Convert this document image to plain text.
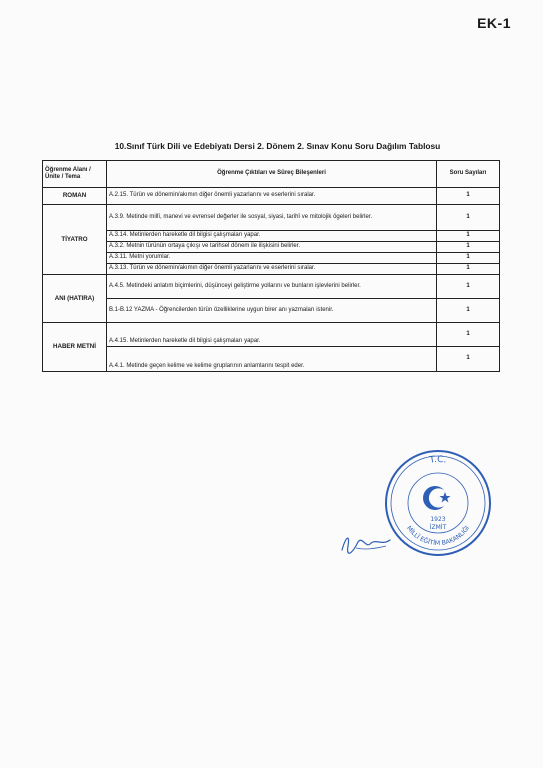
EK-1
10.Sınıf Türk Dili ve Edebiyatı Dersi 2. Dönem 2. Sınav Konu Soru Dağılım Tablosu
Öğrenme Alanı / Ünite / Tema	Öğrenme Çıktıları ve Süreç Bileşenleri	Soru Sayıları
ROMAN	A.2.15. Türün ve dönemin/akımın diğer önemli yazarlarını ve eserlerini sıralar.	1
TİYATRO	A.3.9. Metinde millî, manevi ve evrensel değerler ile sosyal, siyasi, tarihî ve mitolojik ögeleri belirler.	1
	A.3.14. Metinlerden hareketle dil bilgisi çalışmaları yapar.	1
	A.3.2. Metnin türünün ortaya çıkışı ve tarihsel dönem ile ilişkisini belirler.	1
	A.3.11. Metni yorumlar.	1
	A.3.13. Türün ve dönemin/akımın diğer önemli yazarlarını ve eserlerini sıralar.	1
ANI (HATIRA)	A.4.5. Metindeki anlatım biçimlerini, düşünceyi geliştirme yollarını ve bunların işlevlerini belirler.	1
	B.1-B.12 YAZMA - Öğrencilerden türün özelliklerine uygun birer anı yazmaları istenir.	1
HABER METNİ	A.4.15. Metinlerden hareketle dil bilgisi çalışmaları yapar.	1
	A.4.1. Metinde geçen kelime ve kelime gruplarının anlamlarını tespit eder.	1
T.C.
MİLLÎ EĞİTİM BAKANLIĞI
1923
İZMİT
